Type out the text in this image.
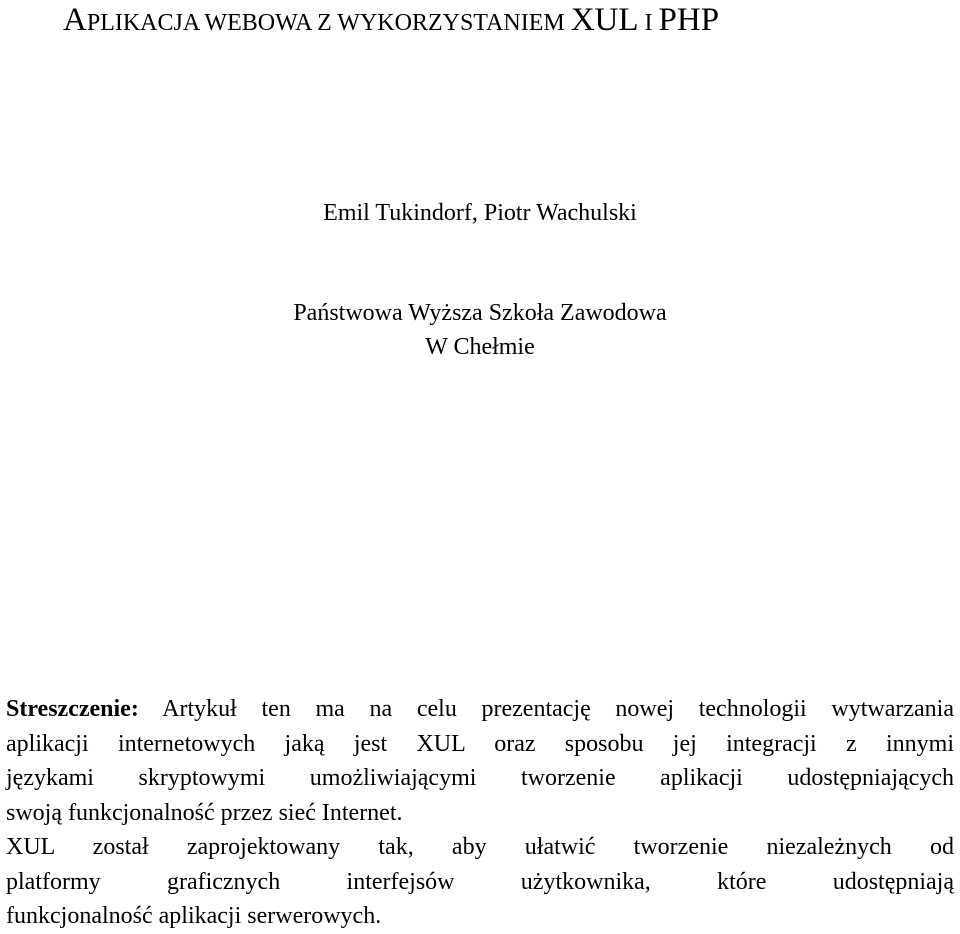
APLIKACJA WEBOWA Z WYKORZYSTANIEM XUL I PHP
Emil Tukindorf, Piotr Wachulski
Państwowa Wyższa Szkoła Zawodowa
W Chełmie
Streszczenie: Artykuł ten ma na celu prezentację nowej technologii wytwarzania
aplikacji internetowych jaką jest XUL oraz sposobu jej integracji z innymi
językami skryptowymi umożliwiającymi tworzenie aplikacji udostępniających
swoją funkcjonalność przez sieć Internet.
XUL został zaprojektowany tak, aby ułatwić tworzenie niezależnych od
platformy graficznych interfejsów użytkownika, które udostępniają
funkcjonalność aplikacji serwerowych.
